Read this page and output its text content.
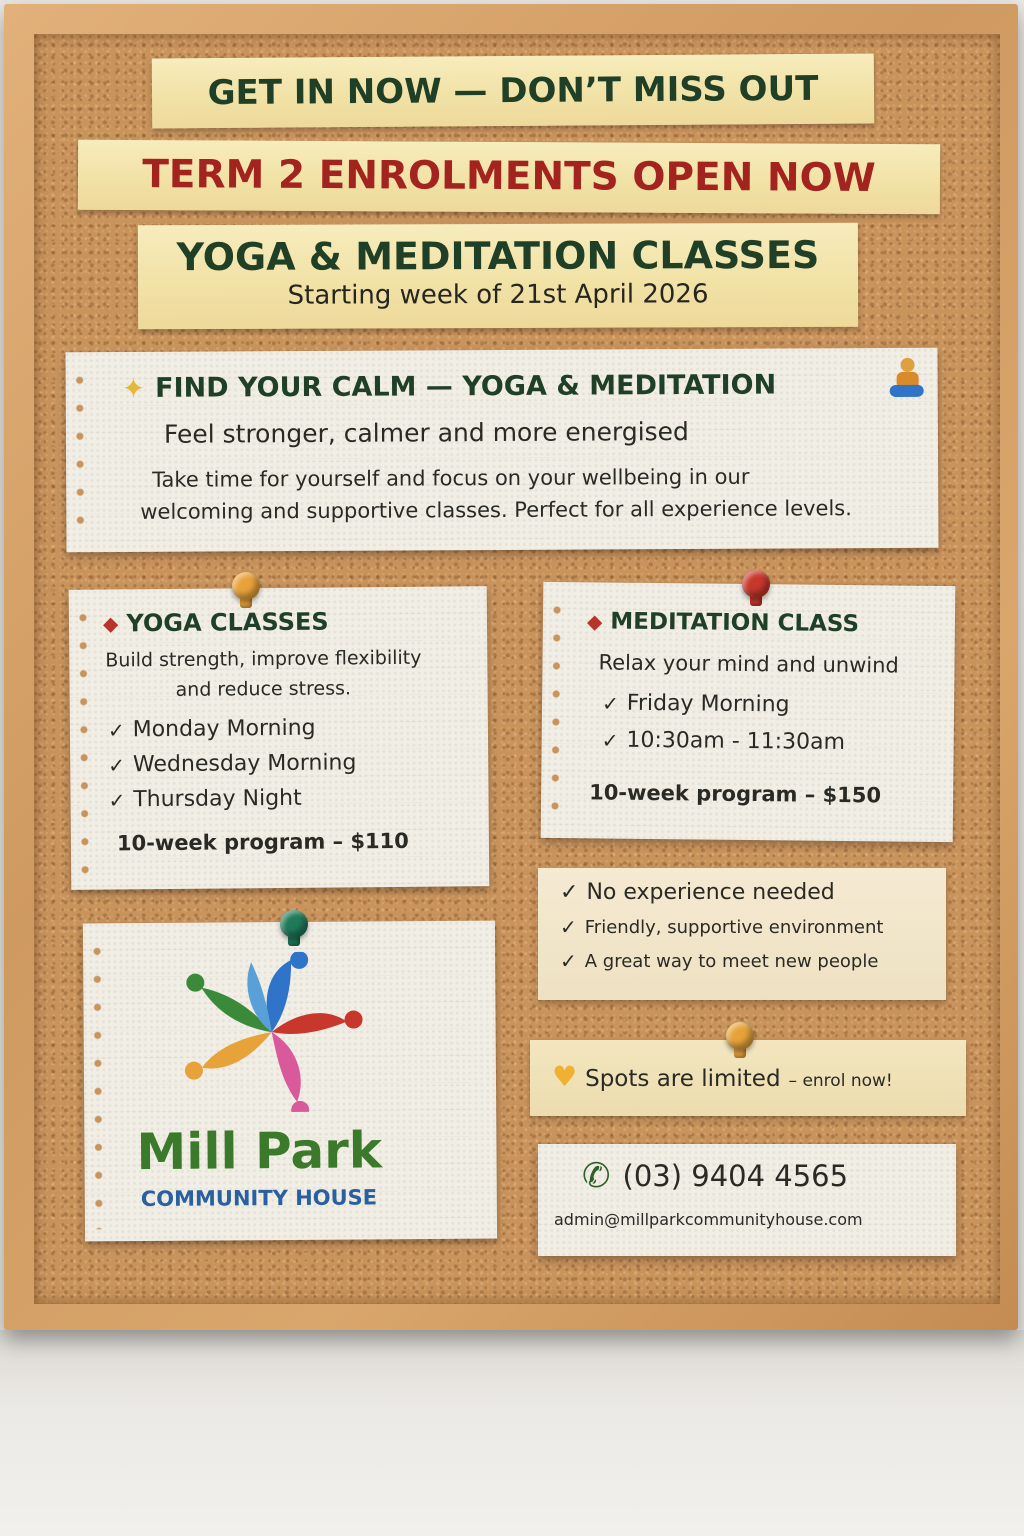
GET IN NOW — DON’T MISS OUT
TERM 2 ENROLMENTS OPEN NOW
YOGA & MEDITATION CLASSES
Starting week of 21st April 2026
✦ FIND YOUR CALM — YOGA & MEDITATION
Feel stronger, calmer and more energised
Take time for yourself and focus on your wellbeing in our
welcoming and supportive classes. Perfect for all experience levels.
◆ YOGA CLASSES
Build strength, improve flexibility
and reduce stress.
✓ Monday Morning
✓ Wednesday Morning
✓ Thursday Night
10-week program – $110
◆ MEDITATION CLASS
Relax your mind and unwind
✓ Friday Morning
✓ 10:30am - 11:30am
10-week program – $150
✓ No experience needed
✓ Friendly, supportive environment
✓ A great way to meet new people
Mill Park
COMMUNITY HOUSE
♥ Spots are limited – enrol now!
✆ (03) 9404 4565
admin@millparkcommunityhouse.com
